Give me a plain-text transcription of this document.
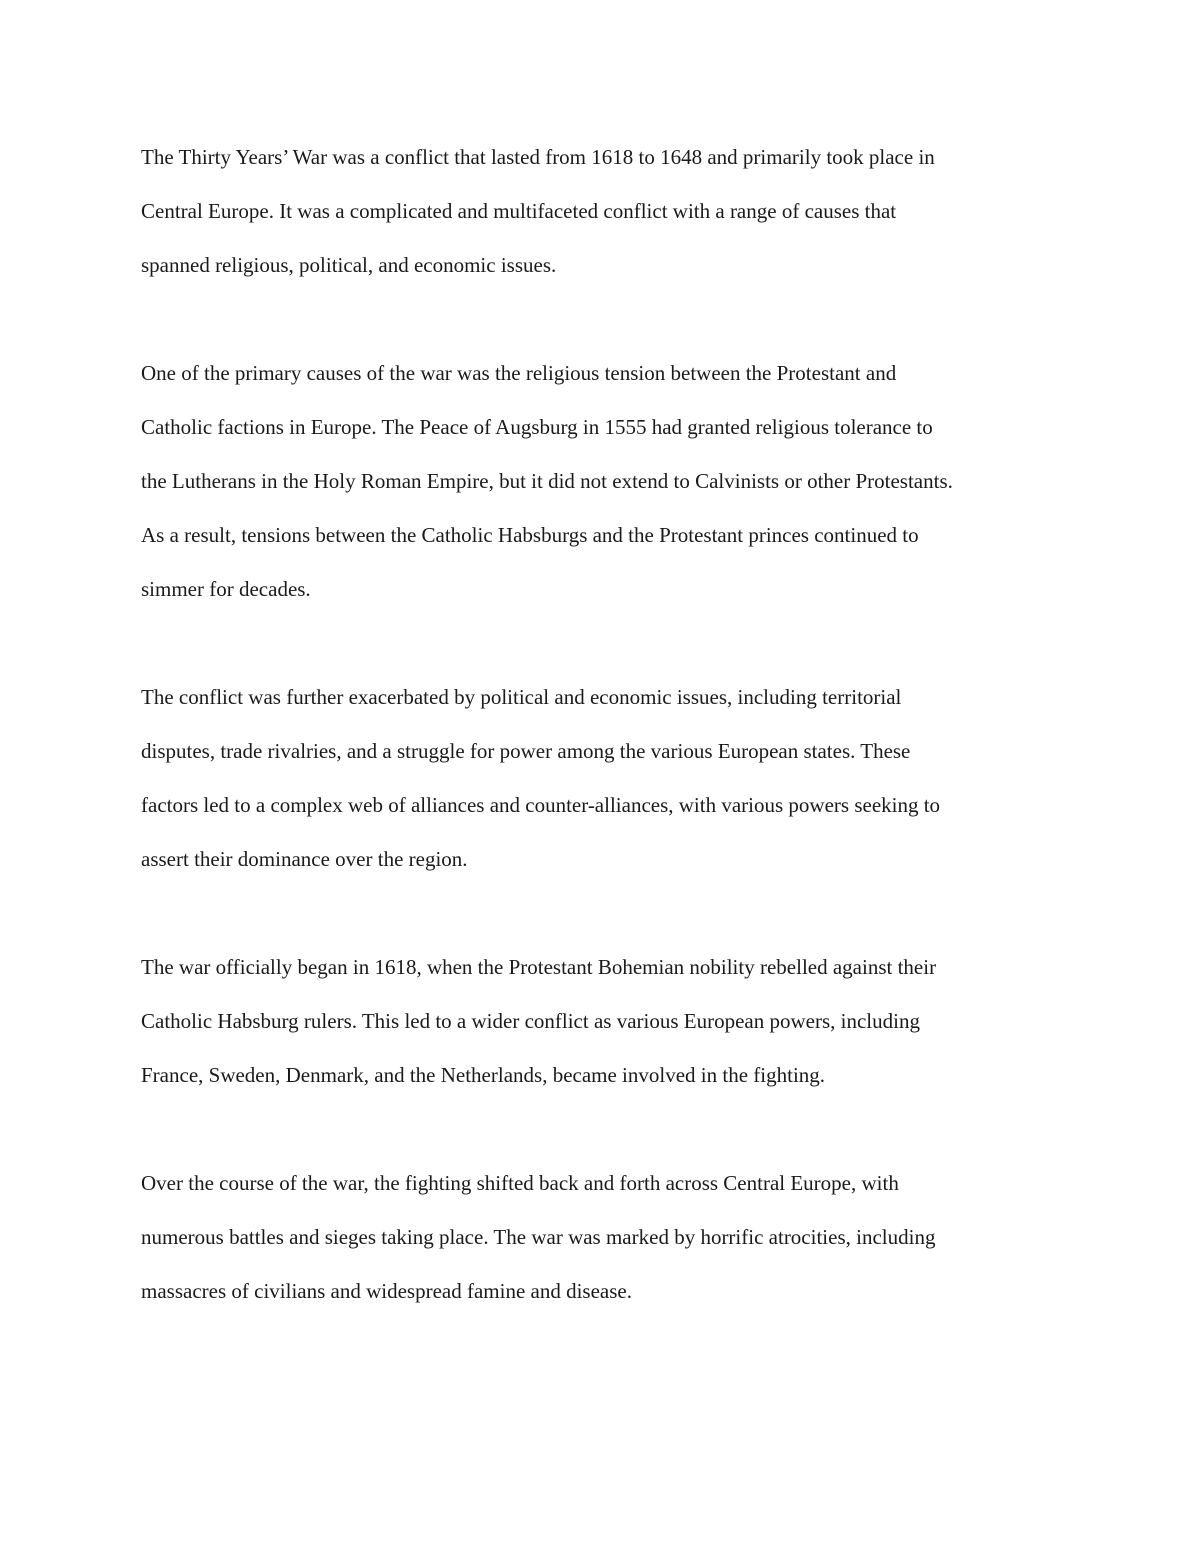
The Thirty Years’ War was a conflict that lasted from 1618 to 1648 and primarily took place in
Central Europe. It was a complicated and multifaceted conflict with a range of causes that
spanned religious, political, and economic issues.
One of the primary causes of the war was the religious tension between the Protestant and
Catholic factions in Europe. The Peace of Augsburg in 1555 had granted religious tolerance to
the Lutherans in the Holy Roman Empire, but it did not extend to Calvinists or other Protestants.
As a result, tensions between the Catholic Habsburgs and the Protestant princes continued to
simmer for decades.
The conflict was further exacerbated by political and economic issues, including territorial
disputes, trade rivalries, and a struggle for power among the various European states. These
factors led to a complex web of alliances and counter-alliances, with various powers seeking to
assert their dominance over the region.
The war officially began in 1618, when the Protestant Bohemian nobility rebelled against their
Catholic Habsburg rulers. This led to a wider conflict as various European powers, including
France, Sweden, Denmark, and the Netherlands, became involved in the fighting.
Over the course of the war, the fighting shifted back and forth across Central Europe, with
numerous battles and sieges taking place. The war was marked by horrific atrocities, including
massacres of civilians and widespread famine and disease.
